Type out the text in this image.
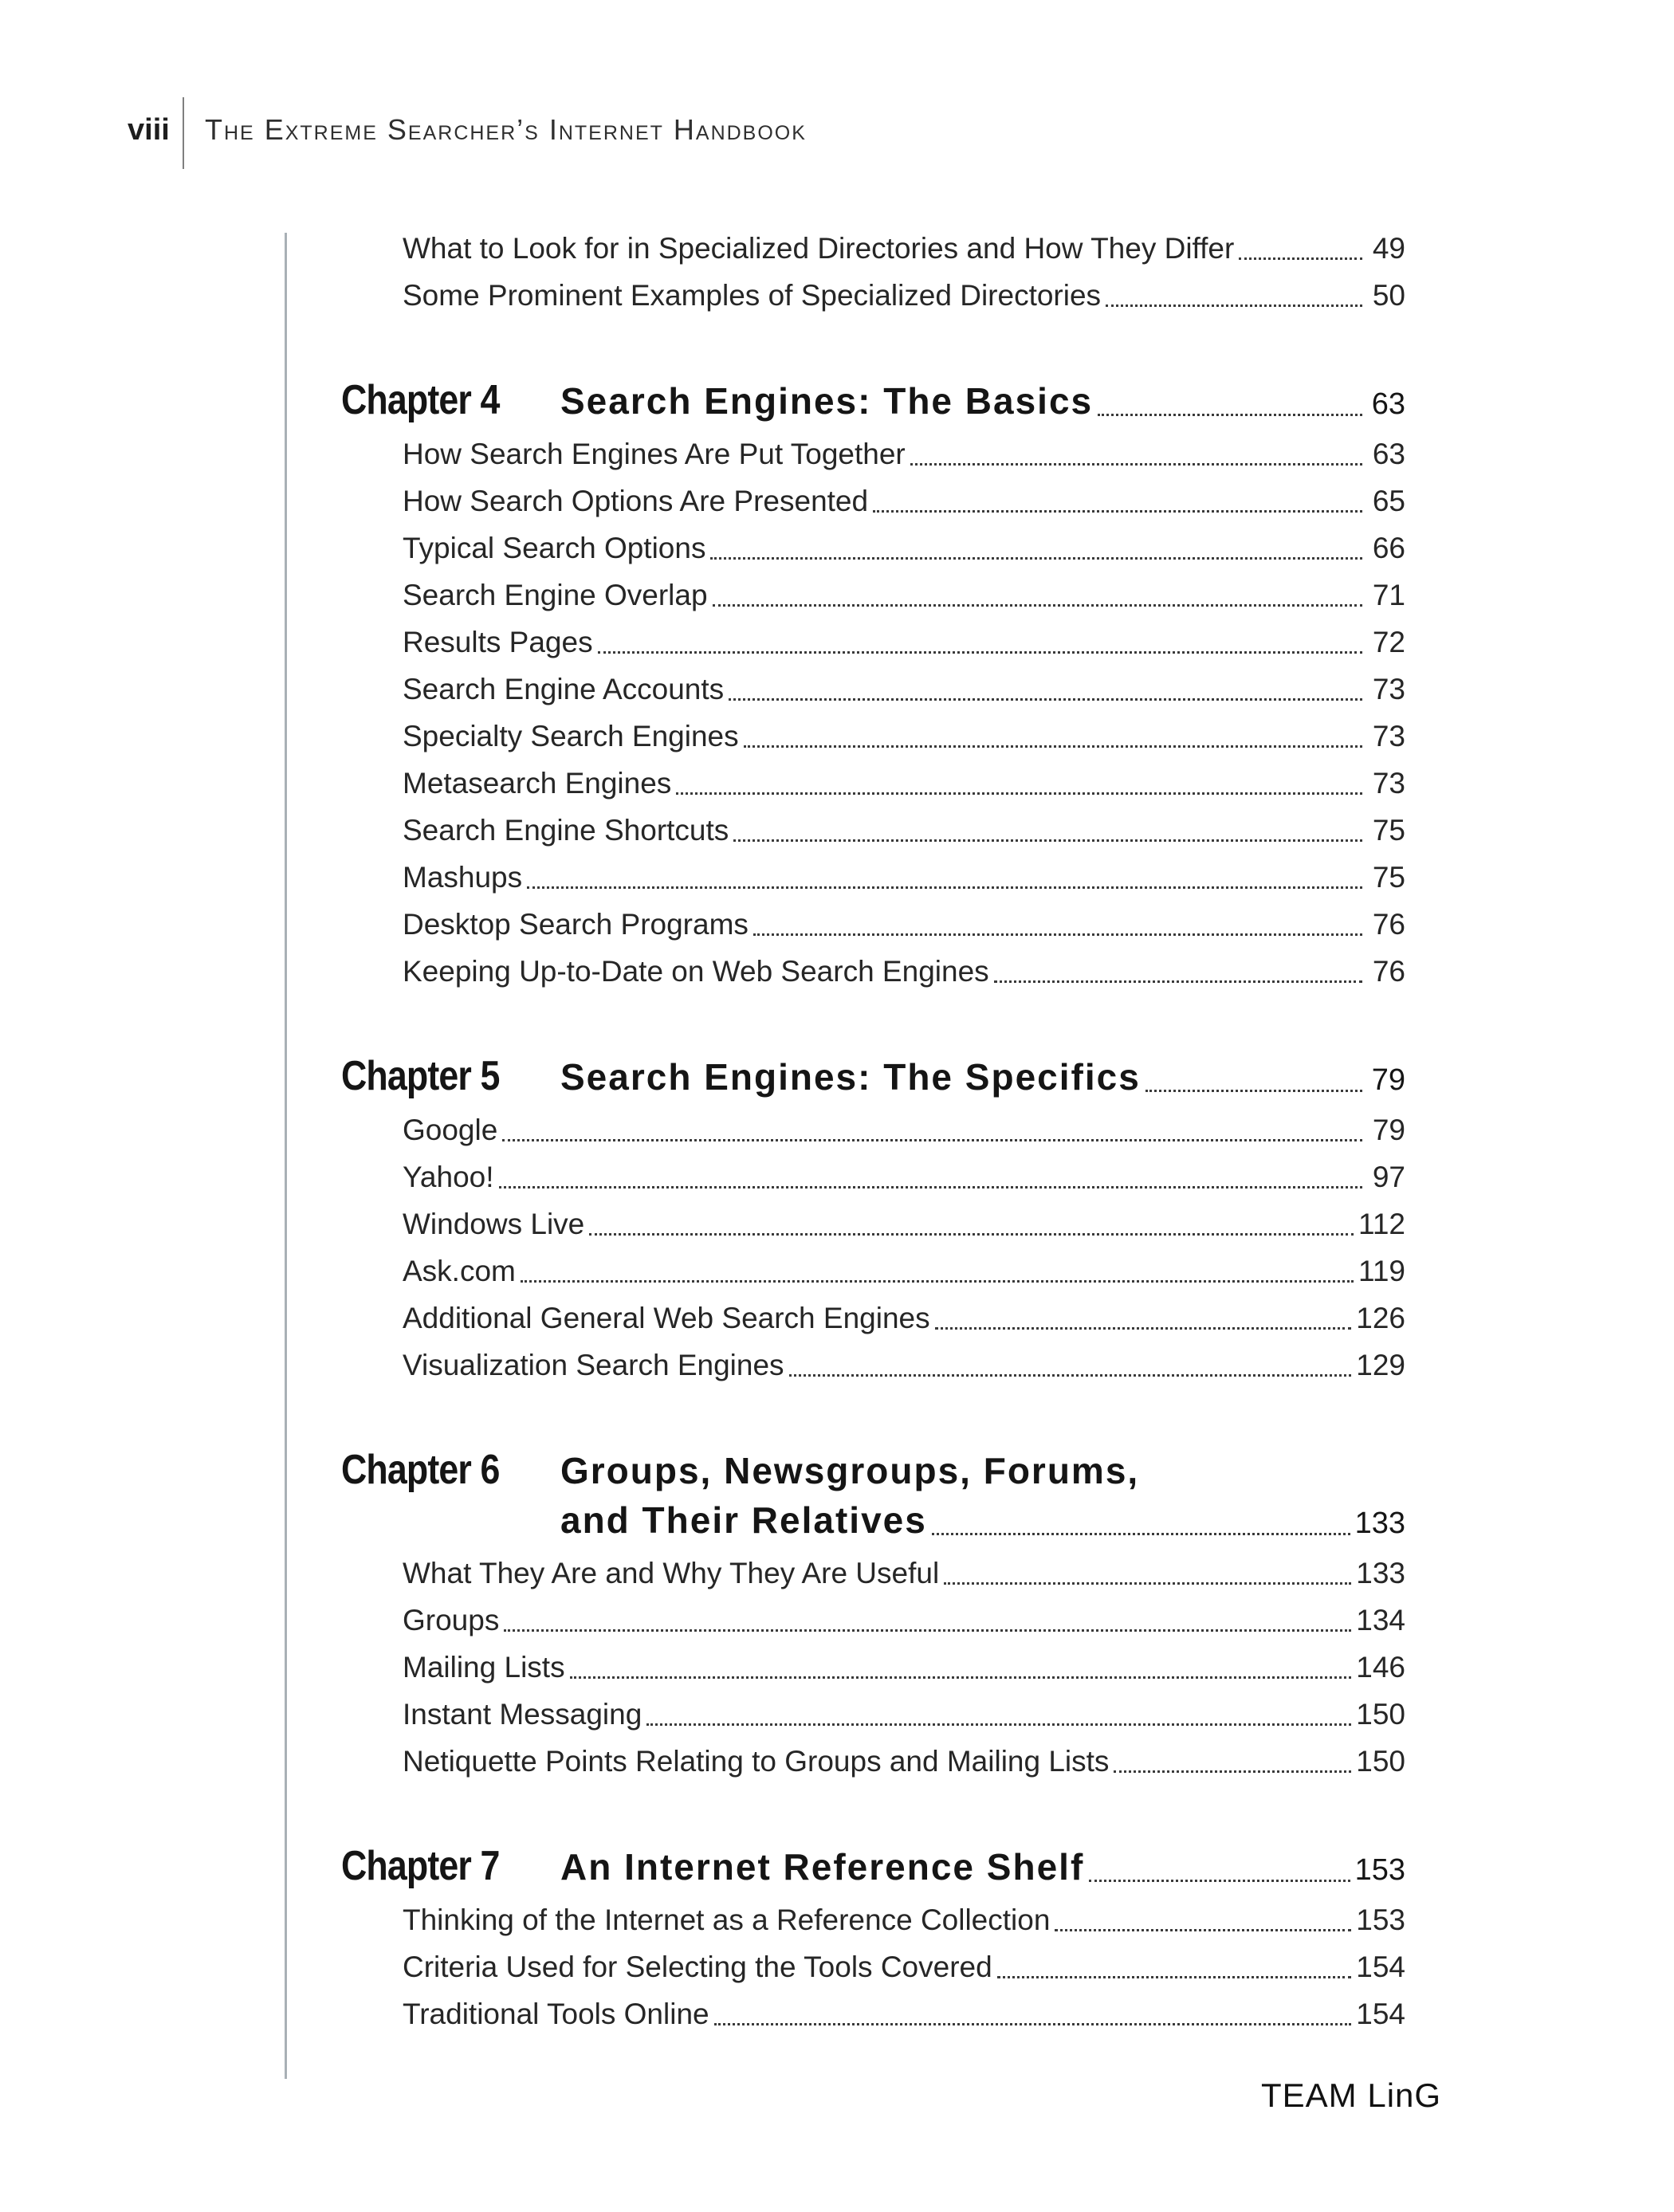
viii The Extreme Searcher’s Internet Handbook
What to Look for in Specialized Directories and How They Differ	49
Some Prominent Examples of Specialized Directories	50
Chapter 4	Search Engines: The Basics	63
How Search Engines Are Put Together	63
How Search Options Are Presented	65
Typical Search Options	66
Search Engine Overlap	71
Results Pages	72
Search Engine Accounts	73
Specialty Search Engines	73
Metasearch Engines	73
Search Engine Shortcuts	75
Mashups	75
Desktop Search Programs	76
Keeping Up-to-Date on Web Search Engines	76
Chapter 5	Search Engines: The Specifics	79
Google	79
Yahoo!	97
Windows Live	112
Ask.com	119
Additional General Web Search Engines	126
Visualization Search Engines	129
Chapter 6	Groups, Newsgroups, Forums,
and Their Relatives	133
What They Are and Why They Are Useful	133
Groups	134
Mailing Lists	146
Instant Messaging	150
Netiquette Points Relating to Groups and Mailing Lists	150
Chapter 7	An Internet Reference Shelf	153
Thinking of the Internet as a Reference Collection	153
Criteria Used for Selecting the Tools Covered	154
Traditional Tools Online	154
TEAM LinG
